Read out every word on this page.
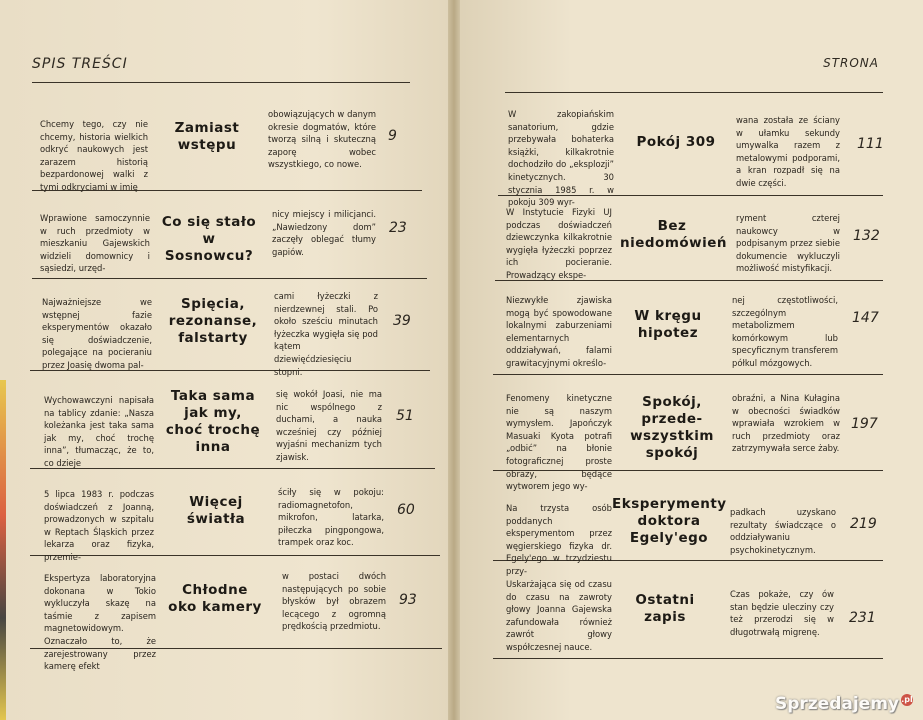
SPIS TREŚCI	STRONA
Chcemy tego, czy nie chcemy, historia wielkich odkryć naukowych jest zarazem historią bezpardonowej walki z tymi odkryciami w imię
Zamiast wstępu
obowiązujących w danym okresie dogmatów, które tworzą silną i skuteczną zaporę wobec wszystkiego, co nowe.
9
Wprawione samoczynnie w ruch przedmioty w mieszkaniu Gajewskich widzieli domownicy i sąsiedzi, urzęd-
Co się stało w Sosnowcu?
nicy miejscy i milicjanci. „Nawiedzony dom” zaczęły oblegać tłumy gapiów.
23
Najważniejsze we wstępnej fazie eksperymentów okazało się doświadczenie, polegające na pocieraniu przez Joasię dwoma pal-
Spięcia, rezonanse, falstarty
cami łyżeczki z nierdzewnej stali. Po około sześciu minutach łyżeczka wygięła się pod kątem dziewięćdziesięciu stopni.
39
Wychowawczyni napisała na tablicy zdanie: „Nasza koleżanka jest taka sama jak my, choć trochę inna”, tłumacząc, że to, co dzieje
Taka sama jak my, choć trochę inna
się wokół Joasi, nie ma nic wspólnego z duchami, a nauka wcześniej czy później wyjaśni mechanizm tych zjawisk.
51
5 lipca 1983 r. podczas doświadczeń z Joanną, prowadzonych w szpitalu w Reptach Śląskich przez lekarza oraz fizyka, przemie-
Więcej światła
ściły się w pokoju: radiomagnetofon, mikrofon, latarka, piłeczka pingpongowa, trampek oraz koc.
60
Ekspertyza laboratoryjna dokonana w Tokio wykluczyła skazę na taśmie z zapisem magnetowidowym. Oznaczało to, że zarejestrowany przez kamerę efekt
Chłodne oko kamery
w postaci dwóch następujących po sobie błysków był obrazem lecącego z ogromną prędkością przedmiotu.
93
W zakopiańskim sanatorium, gdzie przebywała bohaterka książki, kilkakrotnie dochodziło do „eksplozji” kinetycznych. 30 stycznia 1985 r. w pokoju 309 wyr-
Pokój 309
wana została ze ściany w ułamku sekundy umywalka razem z metalowymi podporami, a kran rozpadł się na dwie części.
111
W Instytucie Fizyki UJ podczas doświadczeń dziewczynka kilkakrotnie wygięła łyżeczki poprzez ich pocieranie. Prowadzący ekspe-
Bez niedomówień
ryment czterej naukowcy w podpisanym przez siebie dokumencie wykluczyli możliwość mistyfikacji.
132
Niezwykłe zjawiska mogą być spowodowane lokalnymi zaburzeniami elementarnych oddziaływań, falami grawitacyjnymi określo-
W kręgu hipotez
nej częstotliwości, szczególnym metabolizmem komórkowym lub specyficznym transferem półkul mózgowych.
147
Fenomeny kinetyczne nie są naszym wymysłem. Japończyk Masuaki Kyota potrafi „odbić” na błonie fotograficznej proste obrazy, będące wytworem jego wy-
Spokój, przede-wszystkim spokój
obraźni, a Nina Kułaginа w obecności świadków wprawiała wzrokiem w ruch przedmioty oraz zatrzymywała serce żaby.
197
Na trzysta osób poddanych eksperymentom przez węgierskiego fizyka dr. Egely'ego w trzydziestu przy-
Eksperymenty doktora Egely'ego
padkach uzyskano rezultaty świadczące o oddziaływaniu psychokinetycznym.
219
Uskarżająca się od czasu do czasu na zawroty głowy Joanna Gajewska zafundowała również zawrót głowy współczesnej nauce.
Ostatni zapis
Czas pokaże, czy ów stan będzie ulecziny czy też przerodzi się w długotrwałą migrenę.
231
Sprzedajemy .pl
